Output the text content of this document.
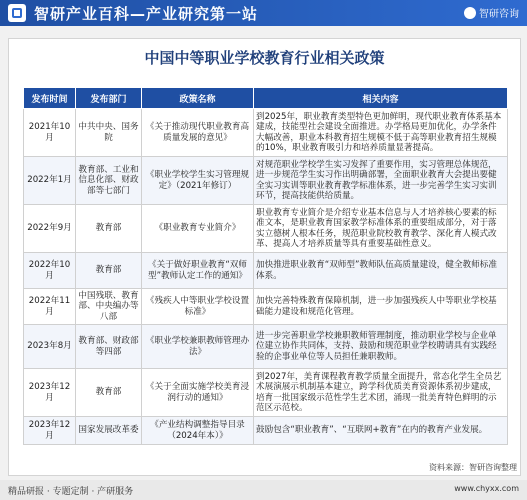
智研产业百科—产业研究第一站	智研咨询
中国中等职业学校教育行业相关政策
发布时间	发布部门	政策名称	相关内容
2021年10月	中共中央、国务院	《关于推动现代职业教育高质量发展的意见》	到2025年，职业教育类型特色更加鲜明，现代职业教育体系基本建成，技能型社会建设全面推进。办学格局更加优化，办学条件大幅改善，职业本科教育招生规模不低于高等职业教育招生规模的10%，职业教育吸引力和培养质量显著提高。
2022年1月	教育部、工业和信息化部、财政部等七部门	《职业学校学生实习管理规定》（2021年修订）	对规范职业学校学生实习发挥了重要作用，实习管理总体规范，进一步规范学生实习作出明确部署，全面职业教育大会提出要健全实习实训等职业教育教学标准体系，进一步完善学生实习实训环节，提高技能供给质量。
2022年9月	教育部	《职业教育专业简介》	职业教育专业简介是介绍专业基本信息与人才培养核心要素的标准文本，是职业教育国家教学标准体系的重要组成部分，对于落实立德树人根本任务，规范职业院校教育教学、深化育人模式改革、提高人才培养质量等具有重要基础性意义。
2022年10月	教育部	《关于做好职业教育“双师型”教师认定工作的通知》	加快推进职业教育“双师型”教师队伍高质量建设，健全教师标准体系。
2022年11月	中国残联、教育部、中央编办等八部	《残疾人中等职业学校设置标准》	加快完善特殊教育保障机制，进一步加强残疾人中等职业学校基础能力建设和规范化管理。
2023年8月	教育部、财政部等四部	《职业学校兼职教师管理办法》	进一步完善职业学校兼职教师管理制度，推动职业学校与企业单位建立协作共同体，支持、鼓励和规范职业学校聘请具有实践经验的企事业单位等人员担任兼职教师。
2023年12月	教育部	《关于全面实施学校美育浸润行动的通知》	到2027年，美育课程教育教学质量全面提升，常态化学生全员艺术展演展示机制基本建立，跨学科优质美育资源体系初步建成，培育一批国家级示范性学生艺术团，涌现一批美育特色鲜明的示范区示范校。
2023年12月	国家发展改革委	《产业结构调整指导目录（2024年本）》	鼓励包含“职业教育”、“互联网+教育”在内的教育产业发展。
资料来源：智研咨询整理
精品研报 · 专题定制 · 产研服务	www.chyxx.com
